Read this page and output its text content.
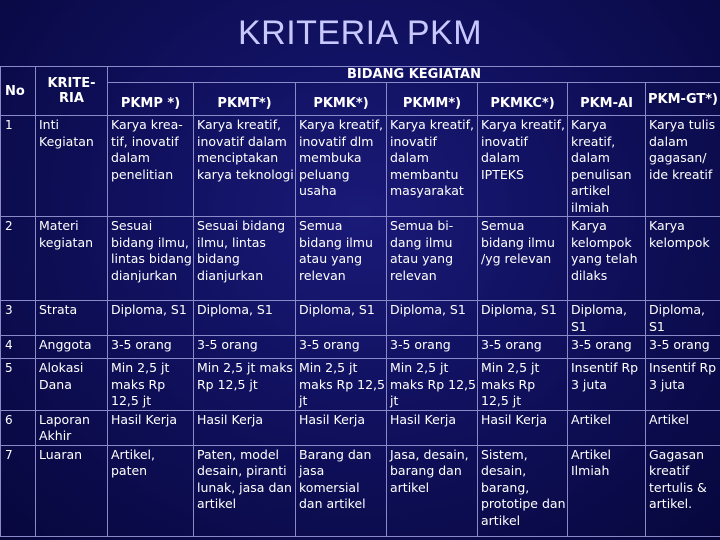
KRITERIA PKM
No	KRITE-RIA	BIDANG KEGIATAN						
		PKMP *)	PKMT*)	PKMK*)	PKMM*)	PKMKC*)	PKM-AI	PKM-GT*)
1	Inti Kegiatan	Karya krea-tif, inovatif dalam penelitian	Karya kreatif, inovatif dalam menciptakan karya teknologi	Karya kreatif, inovatif dlm membuka peluang usaha	Karya kreatif, inovatif dalam membantu masyarakat	Karya kreatif, inovatif dalam IPTEKS	Karya kreatif, dalam penulisan artikel ilmiah	Karya tulis dalam gagasan/ ide kreatif
2	Materi kegiatan	Sesuai bidang ilmu, lintas bidang dianjurkan	Sesuai bidang ilmu, lintas bidang dianjurkan	Semua bidang ilmu atau yang relevan	Semua bi-dang ilmu atau yang relevan	Semua bidang ilmu /yg relevan	Karya kelompok yang telah dilaks	Karya kelompok
3	Strata	Diploma, S1	Diploma, S1	Diploma, S1	Diploma, S1	Diploma, S1	Diploma, S1	Diploma, S1
4	Anggota	3-5 orang	3-5 orang	3-5 orang	3-5 orang	3-5 orang	3-5 orang	3-5 orang
5	Alokasi Dana	Min 2,5 jt maks Rp 12,5 jt	Min 2,5 jt maks Rp 12,5 jt	Min 2,5 jt maks Rp 12,5 jt	Min 2,5 jt maks Rp 12,5 jt	Min 2,5 jt maks Rp 12,5 jt	Insentif Rp 3 juta	Insentif Rp 3 juta
6	Laporan Akhir	Hasil Kerja	Hasil Kerja	Hasil Kerja	Hasil Kerja	Hasil Kerja	Artikel	Artikel
7	Luaran	Artikel, paten	Paten, model desain, piranti lunak, jasa dan artikel	Barang dan jasa komersial dan artikel	Jasa, desain, barang dan artikel	Sistem, desain, barang, prototipe dan artikel	Artikel Ilmiah	Gagasan kreatif tertulis & artikel.
